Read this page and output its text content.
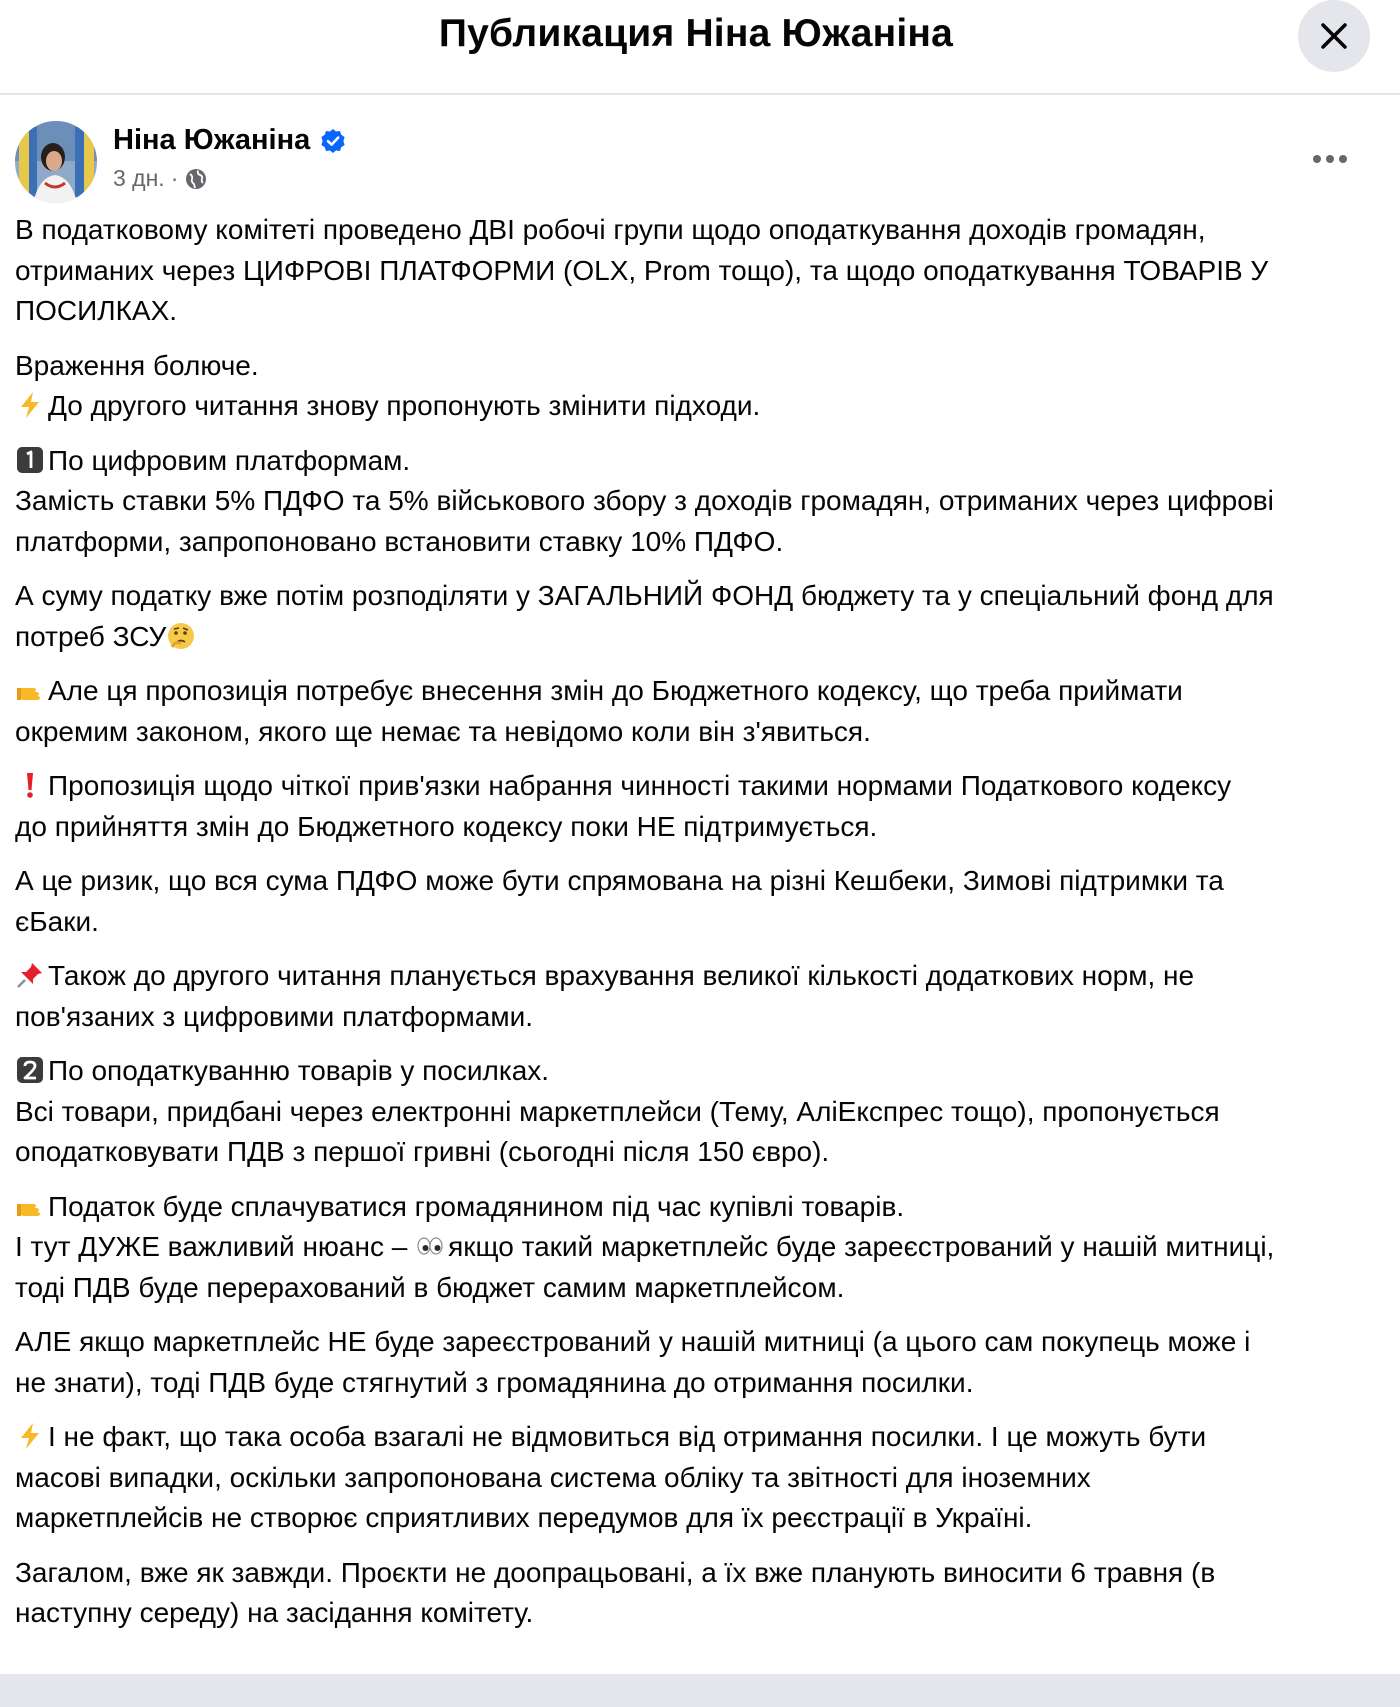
Публикация Ніна Южаніна
Ніна Южаніна
3 дн. ·

В податковому комітеті проведено ДВІ робочі групи щодо оподаткування доходів громадян,
отриманих через ЦИФРОВІ ПЛАТФОРМИ (OLX, Prom тощо), та щодо оподаткування ТОВАРІВ У
ПОСИЛКАХ.

Враження болюче.

До другого читання знову пропонують змінити підходи.

По цифровим платформам.
Замість ставки 5% ПДФО та 5% військового збору з доходів громадян, отриманих через цифрові
платформи, запропоновано встановити ставку 10% ПДФО.

А суму податку вже потім розподіляти у ЗАГАЛЬНИЙ ФОНД бюджету та у спеціальний фонд для
потреб ЗСУ

Але ця пропозиція потребує внесення змін до Бюджетного кодексу, що треба приймати
окремим законом, якого ще немає та невідомо коли він з'явиться.

Пропозиція щодо чіткої прив'язки набрання чинності такими нормами Податкового кодексу
до прийняття змін до Бюджетного кодексу поки НЕ підтримується.

А це ризик, що вся сума ПДФО може бути спрямована на різні Кешбеки, Зимові підтримки та
єБаки.

Також до другого читання планується врахування великої кількості додаткових норм, не
пов'язаних з цифровими платформами.

По оподаткуванню товарів у посилках.
Всі товари, придбані через електронні маркетплейси (Тему, АліЕкспрес тощо), пропонується
оподатковувати ПДВ з першої гривні (сьогодні після 150 євро).

Податок буде сплачуватися громадянином під час купівлі товарів.
І тут ДУЖЕ важливий нюанс – якщо такий маркетплейс буде зареєстрований у нашій митниці,
тоді ПДВ буде перерахований в бюджет самим маркетплейсом.

АЛЕ якщо маркетплейс НЕ буде зареєстрований у нашій митниці (а цього сам покупець може і
не знати), тоді ПДВ буде стягнутий з громадянина до отримання посилки.

І не факт, що така особа взагалі не відмовиться від отримання посилки. І це можуть бути
масові випадки, оскільки запропонована система обліку та звітності для іноземних
маркетплейсів не створює сприятливих передумов для їх реєстрації в Україні.

Загалом, вже як завжди. Проєкти не доопрацьовані, а їх вже планують виносити 6 травня (в
наступну середу) на засідання комітету.
